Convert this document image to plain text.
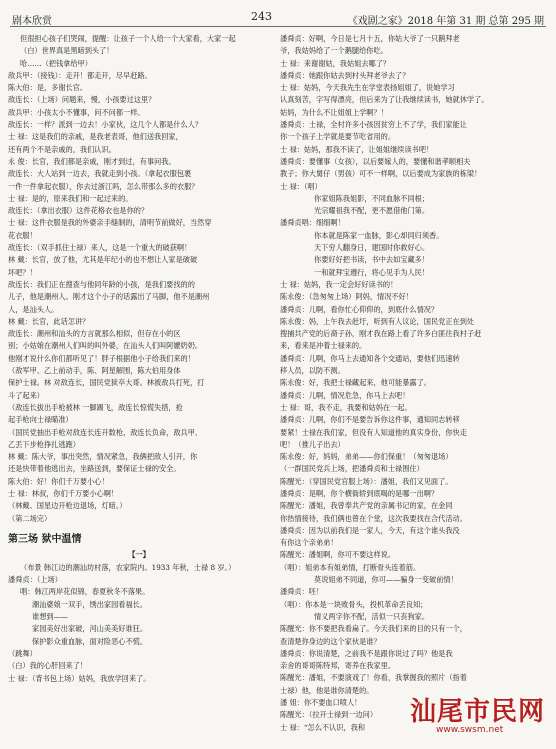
剧本欣赏	243	《戏剧之家》2018 年第 31 期 总第 295 期
但很担心孩子们哭闹，提醒：让孩子一个人给一个大家看，大家一起
（白）世界真是黑暗到头了！
哈……（把钱拿给甲）
敌兵甲：（接钱）：走开！都走开，尽早赶路。
陈大伯：是，多谢长官。
敌连长：（上场）问题来，慢，小孩要过这里？
敌兵甲：小孩太小不懂事，问不问都一样。
敌连长：一样？派到一边去！小家伙，这几个人都是什么人？
士 禄：这是我们的亲戚，是我老表哥，他们送我回家，
还有两个不是亲戚的，我们认识。
永 俊：长官，我们都是亲戚，刚才到过，有事问我。
敌连长：大人站到一边去，我就走到小孩。（拿起衣服包裹
一件一件拿起衣服），你去过浙江吗，怎么带那么多的衣服？
士 禄：是的，原来我们和一起过来的。
敌连长：（拿出衣服）这件花格衣也是你的？
士 禄：这件衣服是我的外婆亲手缝制的，清明节前做好，当然穿
花衣服！
敌连长：（双手抓住士禄）来人，这是一个重大的破获啊！
林 戴：长官，放了他，尤其是年纪小的也不想让人家是破破
坏吧？！
敌连长：我们正在搜查与他同年龄的小孩，是我们要找的的
儿子，他是潮州人。刚才这个小子的话露出了马脚，他不是潮州
人，是汕头人。
林 戴：长官，此话怎讲？
敌连长：潮州和汕头的方言就那么相似，但存在小的区
别；小姑娘在潮州人们叫的叫外婆，在汕头人们叫阿嬷奶奶。
他刚才说什么你们都听见了！胖子根据他小子给我们来的！
（敌军甲、乙上前动手，陈、阿星解围，陈大伯用身体
保护士禄。林 对敌连长，国民党狱卒大哥。林被敌兵打死，打
斗了起来）
（敌连长拔出手枪被林 一脚踢飞，敌连长惊慌失措，抢
起手枪向士禄瞄准）
（国民党抽出手枪对敌连长连开数枪，敌连长负命，敌兵甲、
乙丢下步枪挣扎逃跑）
林 戴：陈大爷，事出突然，情况紧急，我俩把敌人引开，你
还是快带着他逃出去，坐路送到，要保证士禄的安全。
陈大伯：好！你们千万要小心！
士 禄：林叔，你们千万要小心啊！
（林戴、国星边开枪边退场，灯暗。）
（第二场完）
第三场 狱中温情
【一】
（布景 韩江边的潮汕坊村落，农家院内。1933 年秋，士禄 8 岁。）
潘舜贞：（上场）
唱：韩江两岸花似锦，春夏秋冬不落果。
潮汕婆娘一双手，绣出家园看福长。
谁想到——
家园美好出家破，河山美美好谁狂。
保护影众重血脉，面对险恶心不慌。
（跳舞）
（白）我的心肝回来了！
士 禄：（背书包上场）姑妈，我放学回来了。
潘舜贞：好啊，今日是七月十五，你姑大爷了一只鹅拜老
爷，我姑妈给了一个鹅腿给你吃。
士 禄：来谢谢姑，我姑姐去哪了？
潘舜贞：她跟你姑去到村头拜老爷去了？
士 禄：姑妈，今天我先生在学堂表扬姐姐了，说她学习
认真刻苦，字写得漂亮，但后来为了让我继续读书，她就休学了。
姑妈，为什么不让姐姐上学啊？！
潘舜贞：士禄，全村许多小孩因贫穷上不了学，我们家能让
你一个孩子上学就是要节吃省用的。
士 禄：姑妈，那我不读了，让姐姐继续读书吧！
潘舜贞：要懂事（女孩），以后要嫁人的，要懂和谐孝顺相夫
教子；你大舅仔（男孩）可不一样啊，以后要成为家族的栋梁！
士 禄：（唱）
你家姐陈我姐影，不同血脉不同根；
光宗耀祖我不配，更不愿借他门第。
潘舜贞唱：细细啊！
你本就是陈家一血脉，影心却同归须香。
天下穷人翻身日，建国时你救好心。
你要好好把书读，书中去如宝藏多！
一和就拜宝遵行，将心见手为人民！
士 禄：姑妈，我一定会好好读书的！
陈永俊：（急匆匆上场）阿妈，情况不好！
潘舜贞：儿啊，看你忙心仰仰的，到底什么情况？
陈永俊：妈，上午我去赶圩，听到有人议论，国民党正在到处
搜捕共产党的后裔子孙，刚才我在路上看了许多白匪往我村子赶
来，看来是冲着士禄来的。
潘舜贞：儿啊，你马上去通知各个交通站，要他们迅速转
移人员，以防不测。
陈永俊：好，我把士禄藏起来，他可能暴露了。
潘舜贞：儿啊，情况危急，你马上去吧！
士 禄：哥，我不走，我要和姑妈在一起。
潘舜贞：儿啊，你们不是要告诉你这件事，通知同志转移
要紧！士禄在我们家，但没有人知道他的真实身份，你快走
吧！（推儿子出去）
陈永俊：好，妈妈，弟弟——你们保重！（匆匆退场）
（一群国民党兵上场，把潘舜贞和士禄围住）
陈醒光：（穿国民党官服上场）：潘姐，我们又见面了。
潘舜贞：是啊，你个横衙轿到底喝的是哪一出啊？
陈醒光：潘姐，我曾奉共产党的亲属书记的家，在金同
你热情接待，我们俩也曾在个堂，这次我要找在合代活动。
潘舜贞：因为以前我们是一家人，今天，有这个谁头我没
有你这个亲弟弟！
陈醒光：潘姐啊，你可不要这样说。
（唱）：姐弟本有姐弟情，打断骨头连着筋。
莫说姐弟不同道，你可——骗身一变破前情！
潘舜贞：呸！
（唱）：你本是一块败骨头，投机革命丢良知；
情义两字你不配，活似一只丧狗家。
陈醒光：你不要把我看扁了。今天我们来的目的只有一个，
查清楚你身边的这个家伙是谁？
潘舜贞：你说清楚，之前我不是跟你说过了吗？他是我
亲舍的哥哥陈特邦，寄养在我家里。
陈醒光：潘姐，不要演戏了！你看，我掌握我的照片（指着
士禄）他，他是谁你清楚的。
潘 姐：你不要血口喷人！
陈醒光：（拉开士禄到一边问）
士 禄：“怎么不认识，我和
汕尾市民网
www.swsm.net
